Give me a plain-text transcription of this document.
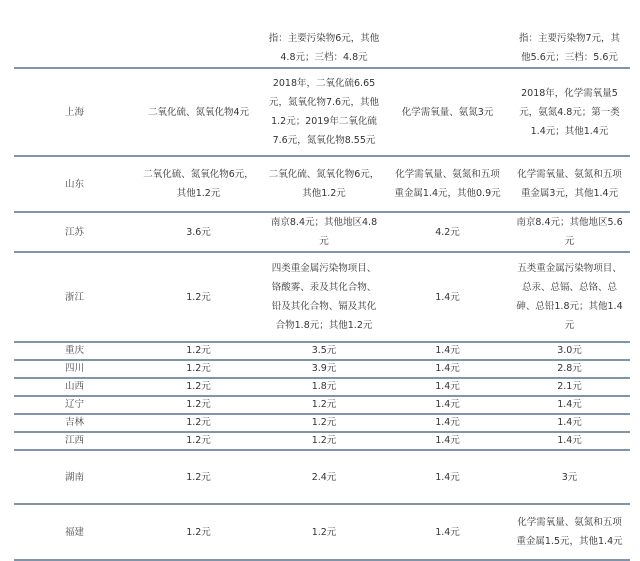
		指：主要污染物6元，其他4.8元；三档：4.8元		指：主要污染物7元，其他5.6元；三档：5.6元
上海	二氧化硫、氮氧化物4元	2018年，二氧化硫6.65元，氮氧化物7.6元，其他1.2元；2019年二氧化硫7.6元，氮氧化物8.55元	化学需氧量、氨氮3元	2018年，化学需氧量5元，氨氮4.8元；第一类1.4元；其他1.4元
山东	二氧化硫、氮氧化物6元，其他1.2元	二氧化硫、氮氧化物6元，其他1.2元	化学需氧量、氨氮和五项重金属1.4元，其他0.9元	化学需氧量、氨氮和五项重金属3元，其他1.4元
江苏	3.6元	南京8.4元；其他地区4.8元	4.2元	南京8.4元；其他地区5.6元
浙江	1.2元	四类重金属污染物项目、铬酸雾、汞及其化合物、铅及其化合物、镉及其化合物1.8元；其他1.2元	1.4元	五类重金属污染物项目、总汞、总镉、总铬、总砷、总铅1.8元；其他1.4元
重庆	1.2元	3.5元	1.4元	3.0元
四川	1.2元	3.9元	1.4元	2.8元
山西	1.2元	1.8元	1.4元	2.1元
辽宁	1.2元	1.2元	1.4元	1.4元
吉林	1.2元	1.2元	1.4元	1.4元
江西	1.2元	1.2元	1.4元	1.4元
湖南	1.2元	2.4元	1.4元	3元
福建	1.2元	1.2元	1.4元	化学需氧量、氨氮和五项重金属1.5元，其他1.4元
